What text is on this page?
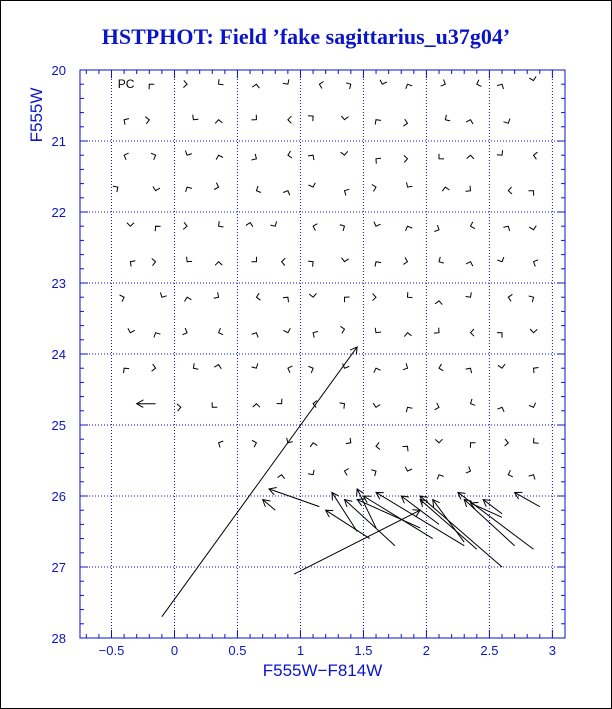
HSTPHOT: Field ’fake sagittarius_u37g04’
−0.5	0	0.5	1	1.5	2	2.5	3
20
21
22
23
24
25
26
27
28
PC
F555W−F814W
F555W
